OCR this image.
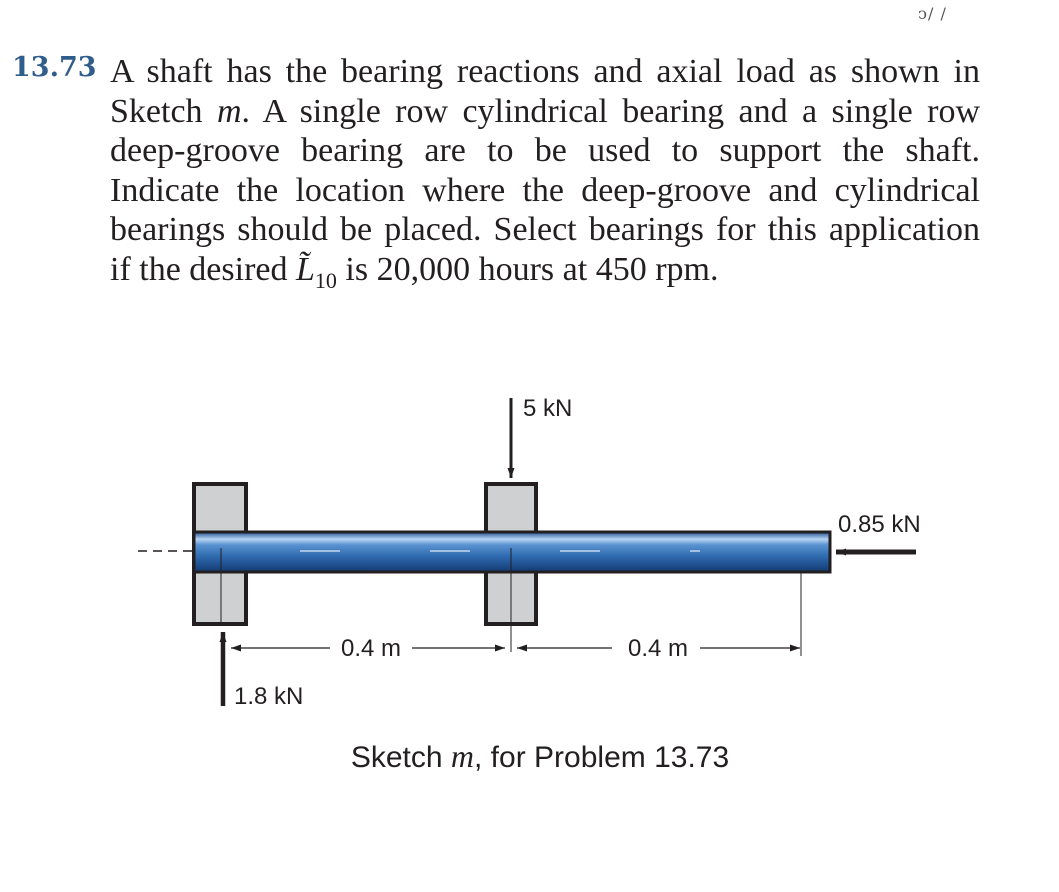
ͻ/ /
13.73 A shaft has the bearing reactions and axial load as shown in Sketch m. A single row cylindrical bearing and a single row deep-groove bearing are to be used to support the shaft. Indicate the location where the deep-groove and cylindrical bearings should be placed. Select bearings for this application if the desired $L̃_{10}$ is 20,000 hours at 450 rpm.
5 kN
0.85 kN
1.8 kN
0.4 m	0.4 m
Sketch m, for Problem 13.73
